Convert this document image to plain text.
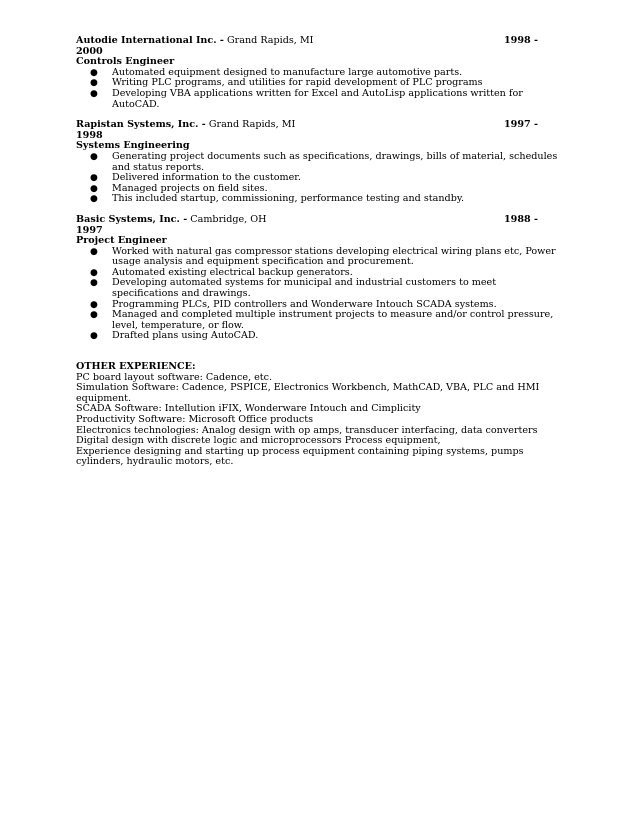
Autodie International Inc. - Grand Rapids, MI	1998 -
2000
Controls Engineer
● Automated equipment designed to manufacture large automotive parts.
● Writing PLC programs, and utilities for rapid development of PLC programs
● Developing VBA applications written for Excel and AutoLisp applications written for AutoCAD.
Rapistan Systems, Inc. - Grand Rapids, MI	1997 -
1998
Systems Engineering
● Generating project documents such as specifications, drawings, bills of material, schedules and status reports.
● Delivered information to the customer.
● Managed projects on field sites.
● This included startup, commissioning, performance testing and standby.
Basic Systems, Inc. - Cambridge, OH	1988 -
1997
Project Engineer
● Worked with natural gas compressor stations developing electrical wiring plans etc, Power usage analysis and equipment specification and procurement.
● Automated existing electrical backup generators.
● Developing automated systems for municipal and industrial customers to meet specifications and drawings.
● Programming PLCs, PID controllers and Wonderware Intouch SCADA systems.
● Managed and completed multiple instrument projects to measure and/or control pressure, level, temperature, or flow.
● Drafted plans using AutoCAD.
OTHER EXPERIENCE:
PC board layout software: Cadence, etc.
Simulation Software: Cadence, PSPICE, Electronics Workbench, MathCAD, VBA, PLC and HMI equipment.
SCADA Software: Intellution iFIX, Wonderware Intouch and Cimplicity
Productivity Software: Microsoft Office products
Electronics technologies: Analog design with op amps, transducer interfacing, data converters Digital design with discrete logic and microprocessors Process equipment,
Experience designing and starting up process equipment containing piping systems, pumps cylinders, hydraulic motors, etc.
